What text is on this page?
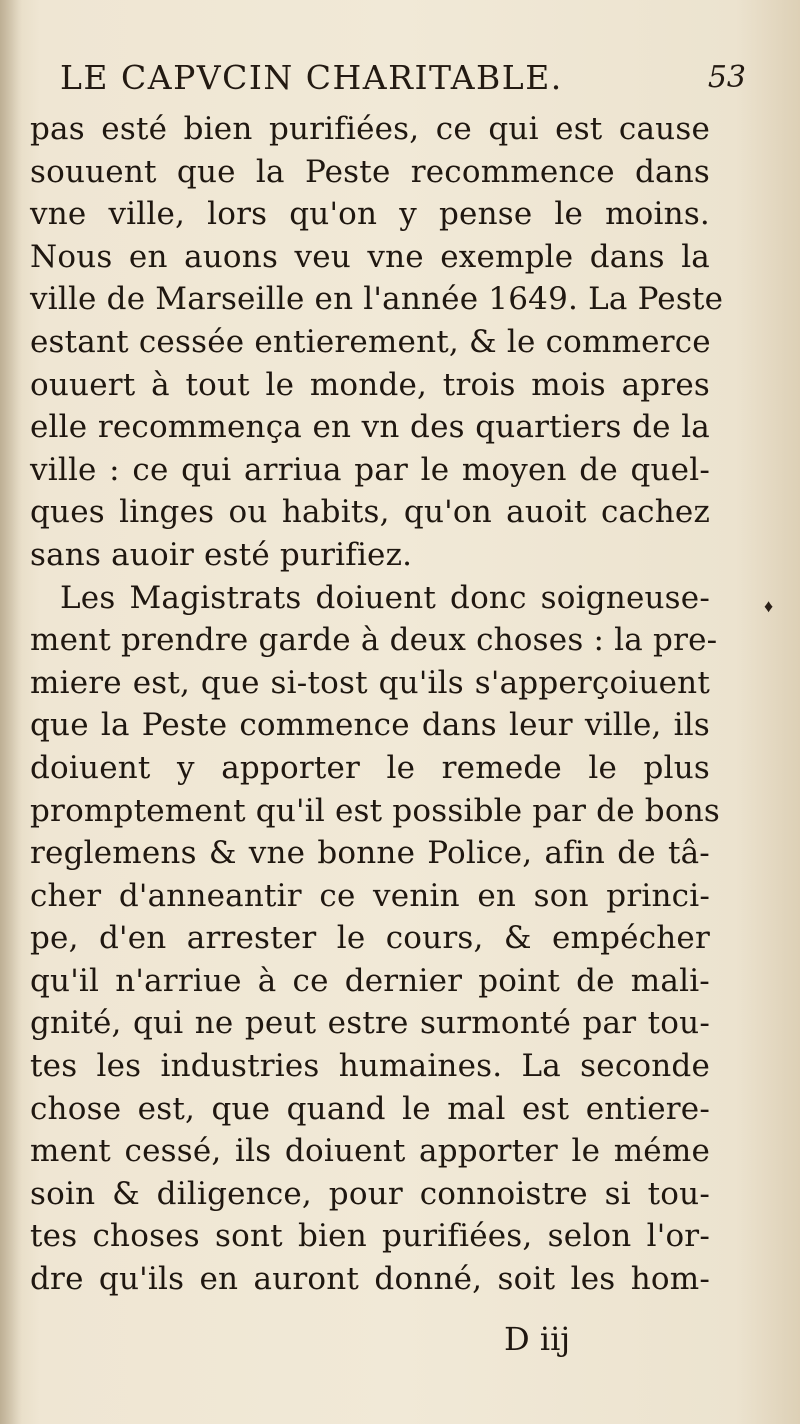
LE CAPVCIN CHARITABLE.	53
pas esté bien purifiées, ce qui est cause
souuent que la Peste recommence dans
vne ville, lors qu'on y pense le moins.
Nous en auons veu vne exemple dans la
ville de Marseille en l'année 1649. La Peste
estant cessée entierement, & le commerce
ouuert à tout le monde, trois mois apres
elle recommença en vn des quartiers de la
ville : ce qui arriua par le moyen de quel-
ques linges ou habits, qu'on auoit cachez
sans auoir esté purifiez.
Les Magistrats doiuent donc soigneuse-
ment prendre garde à deux choses : la pre-
miere est, que si-tost qu'ils s'apperçoiuent
que la Peste commence dans leur ville, ils
doiuent y apporter le remede le plus
promptement qu'il est possible par de bons
reglemens & vne bonne Police, afin de tâ-
cher d'anneantir ce venin en son princi-
pe, d'en arrester le cours, & empécher
qu'il n'arriue à ce dernier point de mali-
gnité, qui ne peut estre surmonté par tou-
tes les industries humaines. La seconde
chose est, que quand le mal est entiere-
ment cessé, ils doiuent apporter le méme
soin & diligence, pour connoistre si tou-
tes choses sont bien purifiées, selon l'or-
dre qu'ils en auront donné, soit les hom-
♦
D iij
